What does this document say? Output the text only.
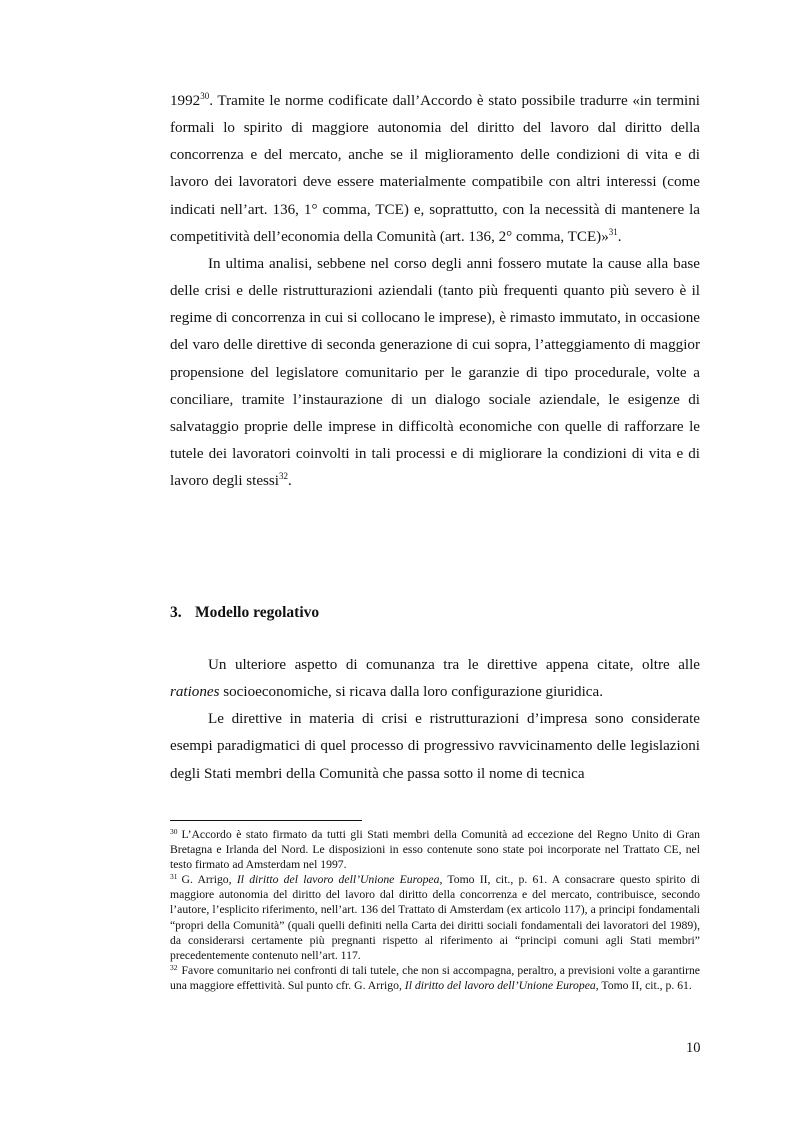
1992$^{30}$. Tramite le norme codificate dall’Accordo è stato possibile tradurre «in termini formali lo spirito di maggiore autonomia del diritto del lavoro dal diritto della concorrenza e del mercato, anche se il miglioramento delle condizioni di vita e di lavoro dei lavoratori deve essere materialmente compatibile con altri interessi (come indicati nell’art. 136, 1° comma, TCE) e, soprattutto, con la necessità di mantenere la competitività dell’economia della Comunità (art. 136, 2° comma, TCE)»$^{31}$.

In ultima analisi, sebbene nel corso degli anni fossero mutate la cause alla base delle crisi e delle ristrutturazioni aziendali (tanto più frequenti quanto più severo è il regime di concorrenza in cui si collocano le imprese), è rimasto immutato, in occasione del varo delle direttive di seconda generazione di cui sopra, l’atteggiamento di maggior propensione del legislatore comunitario per le garanzie di tipo procedurale, volte a conciliare, tramite l’instaurazione di un dialogo sociale aziendale, le esigenze di salvataggio proprie delle imprese in difficoltà economiche con quelle di rafforzare le tutele dei lavoratori coinvolti in tali processi e di migliorare la condizioni di vita e di lavoro degli stessi$^{32}$.

3. Modello regolativo

Un ulteriore aspetto di comunanza tra le direttive appena citate, oltre alle rationes socioeconomiche, si ricava dalla loro configurazione giuridica.

Le direttive in materia di crisi e ristrutturazioni d’impresa sono considerate esempi paradigmatici di quel processo di progressivo ravvicinamento delle legislazioni degli Stati membri della Comunità che passa sotto il nome di tecnica

$^{30}$ L’Accordo è stato firmato da tutti gli Stati membri della Comunità ad eccezione del Regno Unito di Gran Bretagna e Irlanda del Nord. Le disposizioni in esso contenute sono state poi incorporate nel Trattato CE, nel testo firmato ad Amsterdam nel 1997.

$^{31}$ G. Arrigo, Il diritto del lavoro dell’Unione Europea, Tomo II, cit., p. 61. A consacrare questo spirito di maggiore autonomia del diritto del lavoro dal diritto della concorrenza e del mercato, contribuisce, secondo l’autore, l’esplicito riferimento, nell’art. 136 del Trattato di Amsterdam (ex articolo 117), a principi fondamentali “propri della Comunità” (quali quelli definiti nella Carta dei diritti sociali fondamentali dei lavoratori del 1989), da considerarsi certamente più pregnanti rispetto al riferimento ai “principi comuni agli Stati membri” precedentemente contenuto nell’art. 117.

$^{32}$ Favore comunitario nei confronti di tali tutele, che non si accompagna, peraltro, a previsioni volte a garantirne una maggiore effettività. Sul punto cfr. G. Arrigo, Il diritto del lavoro dell’Unione Europea, Tomo II, cit., p. 61.

10
